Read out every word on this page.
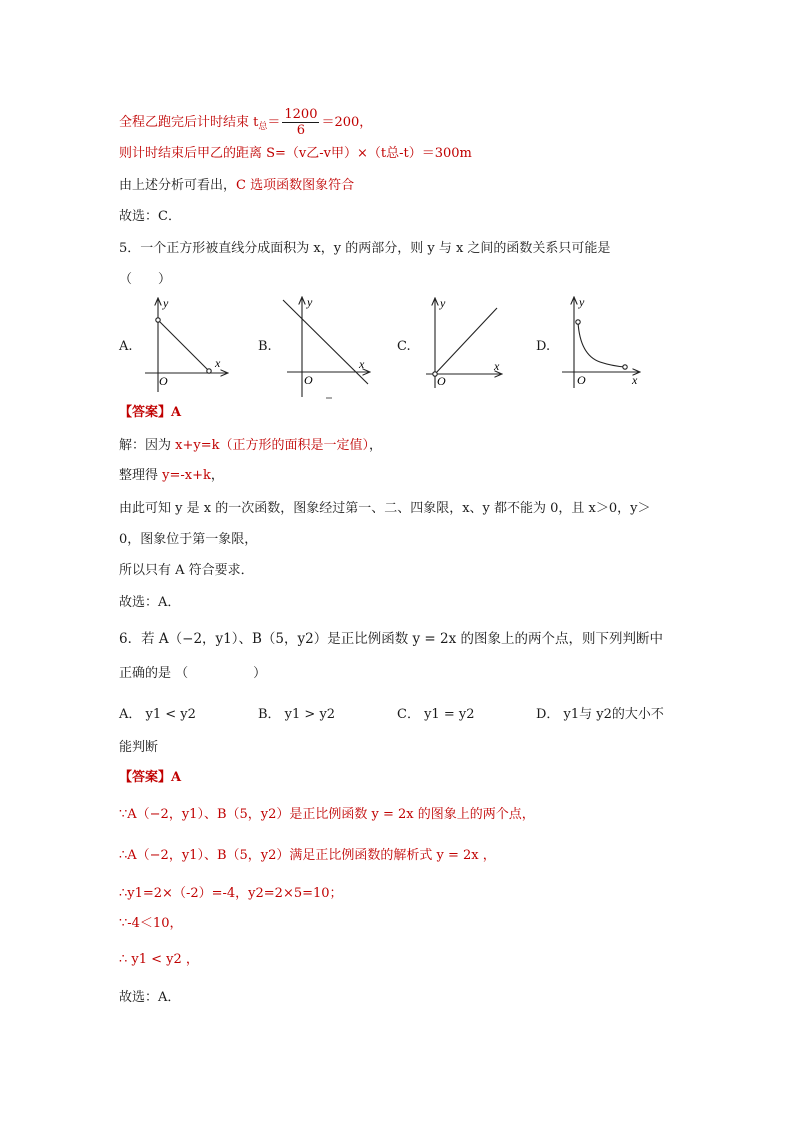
全程乙跑完后计时结束 $t_总= \frac{1200}{6} =200$，
则计时结束后甲乙的距离 S=（v乙-v甲）×（t总-t）＝300m
由上述分析可看出，C 选项函数图象符合
故选：C．
5．一个正方形被直线分成面积为 x，y 的两部分，则 y 与 x 之间的函数关系只可能是
（　　）
A.	B.	C.	D.
y
x
O
y
x
O
y
x
O
y
x
O
【答案】A
解：因为 x+y=k（正方形的面积是一定值），
整理得 y=-x+k，
由此可知 y 是 x 的一次函数，图象经过第一、二、四象限，x、y 都不能为 0，且 x＞0，y＞
0，图象位于第一象限，
所以只有 A 符合要求．
故选：A．
6．若 A（−2，y1）、B（5，y2）是正比例函数 y = 2x 的图象上的两个点，则下列判断中
正确的是 （　　　　　）
A． y1 < y2	B． y1 > y2	C． y1 = y2	D． y1与 y2的大小不
能判断
【答案】A
∵A（−2，y1）、B（5，y2）是正比例函数 y = 2x 的图象上的两个点，
∴A（−2，y1）、B（5，y2）满足正比例函数的解析式 y = 2x ，
∴y1=2×（-2）=-4，y2=2×5=10；
∵-4＜10，
∴ y1 < y2 ，
故选：A．
